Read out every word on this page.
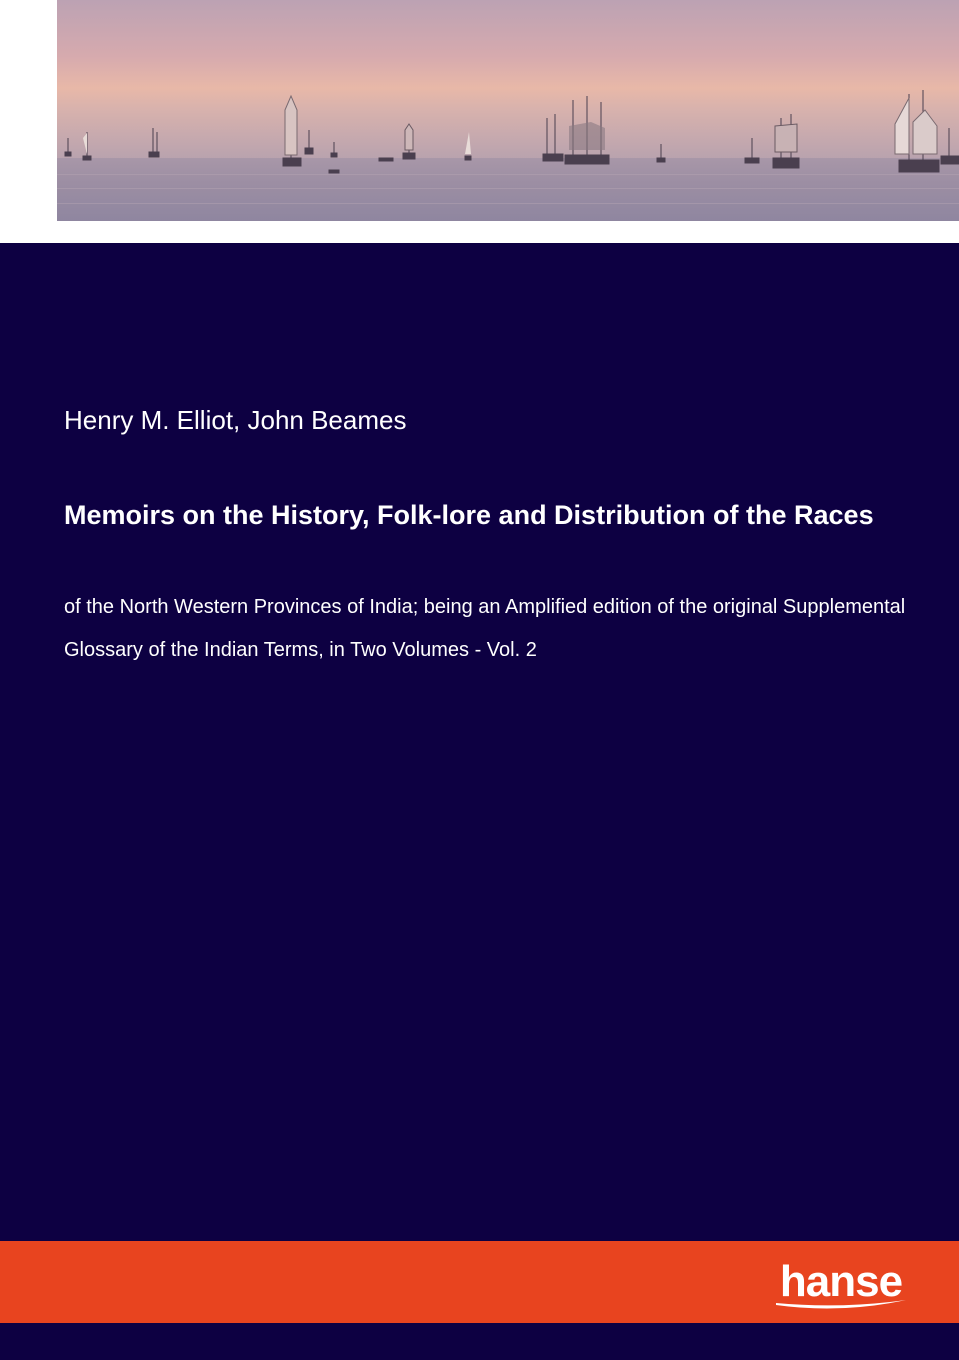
Henry M. Elliot, John Beames

Memoirs on the History, Folk-lore and Distribution of the Races

of the North Western Provinces of India; being an Amplified edition of the original Supplemental Glossary of the Indian Terms, in Two Volumes - Vol. 2

hanse
